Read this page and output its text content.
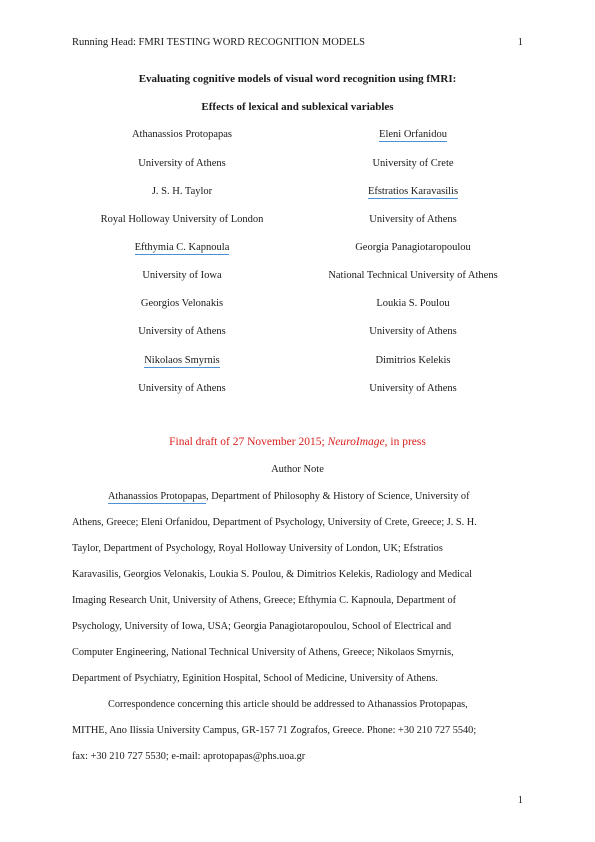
Running Head: FMRI TESTING WORD RECOGNITION MODELS	1
Evaluating cognitive models of visual word recognition using fMRI:
Effects of lexical and sublexical variables
Athanassios Protopapas
University of Athens
J. S. H. Taylor
Royal Holloway University of London
Efthymia C. Kapnoula
University of Iowa
Georgios Velonakis
University of Athens
Nikolaos Smyrnis
University of Athens
Eleni Orfanidou
University of Crete
Efstratios Karavasilis
University of Athens
Georgia Panagiotaropoulou
National Technical University of Athens
Loukia S. Poulou
University of Athens
Dimitrios Kelekis
University of Athens
Final draft of 27 November 2015; NeuroImage, in press
Author Note
Athanassios Protopapas, Department of Philosophy & History of Science, University of
Athens, Greece; Eleni Orfanidou, Department of Psychology, University of Crete, Greece; J. S. H.
Taylor, Department of Psychology, Royal Holloway University of London, UK; Efstratios
Karavasilis, Georgios Velonakis, Loukia S. Poulou, & Dimitrios Kelekis, Radiology and Medical
Imaging Research Unit, University of Athens, Greece; Efthymia C. Kapnoula, Department of
Psychology, University of Iowa, USA; Georgia Panagiotaropoulou, School of Electrical and
Computer Engineering, National Technical University of Athens, Greece; Nikolaos Smyrnis,
Department of Psychiatry, Eginition Hospital, School of Medicine, University of Athens.
Correspondence concerning this article should be addressed to Athanassios Protopapas,
MITHE, Ano Ilissia University Campus, GR-157 71 Zografos, Greece. Phone: +30 210 727 5540;
fax: +30 210 727 5530; e-mail: aprotopapas@phs.uoa.gr
1
